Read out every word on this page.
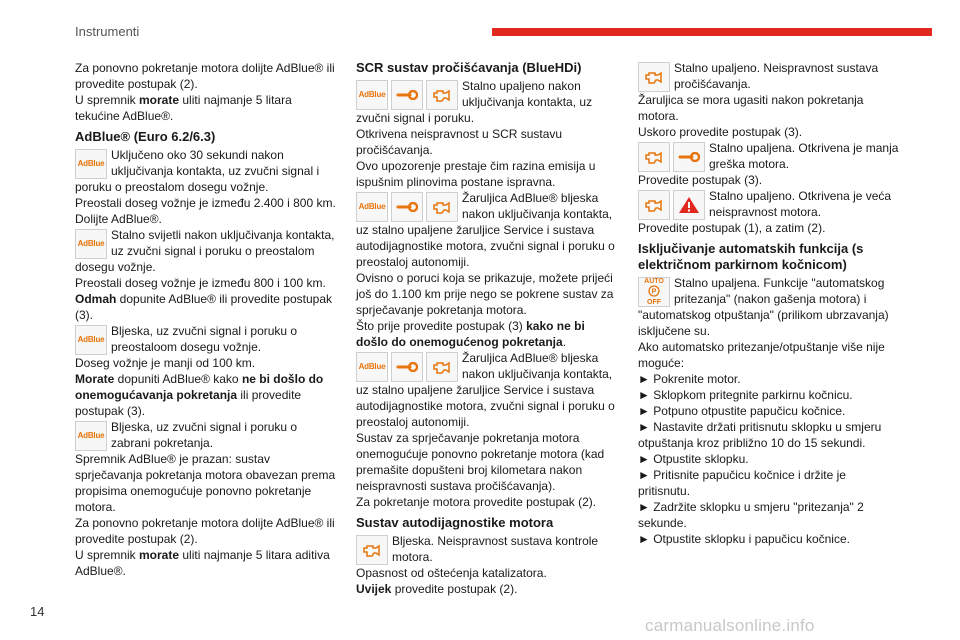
Instrumenti

Za ponovno pokretanje motora dolijte AdBlue® ili provedite postupak (2).

U spremnik morate uliti najmanje 5 litara tekućine AdBlue®.

AdBlue® (Euro 6.2/6.3)
AdBlue
Uključeno oko 30 sekundi nakon uključivanja kontakta, uz zvučni signal i poruku o preostalom dosegu vožnje.

Preostali doseg vožnje je između 2.400 i 800 km.

Dolijte AdBlue®.

AdBlue
Stalno svijetli nakon uključivanja kontakta, uz zvučni signal i poruku o preostalom dosegu vožnje.

Preostali doseg vožnje je između 800 i 100 km.

Odmah dopunite AdBlue® ili provedite postupak (3).

AdBlue
Bljeska, uz zvučni signal i poruku o preostaloom dosegu vožnje.

Doseg vožnje je manji od 100 km.

Morate dopuniti AdBlue® kako ne bi došlo do onemogućavanja pokretanja ili provedite postupak (3).

AdBlue
Bljeska, uz zvučni signal i poruku o zabrani pokretanja.

Spremnik AdBlue® je prazan: sustav sprječavanja pokretanja motora obavezan prema propisima onemogućuje ponovno pokretanje motora.

Za ponovno pokretanje motora dolijte AdBlue® ili provedite postupak (2).

U spremnik morate uliti najmanje 5 litara aditiva AdBlue®.

SCR sustav pročišćavanja (BlueHDi)
AdBlue
Stalno upaljeno nakon uključivanja kontakta, uz zvučni signal i poruku.

Otkrivena neispravnost u SCR sustavu pročišćavanja.

Ovo upozorenje prestaje čim razina emisija u ispušnim plinovima postane ispravna.

AdBlue
Žaruljica AdBlue® bljeska nakon uključivanja kontakta, uz stalno upaljene žaruljice Service i sustava autodijagnostike motora, zvučni signal i poruku o preostaloj autonomiji.

Ovisno o poruci koja se prikazuje, možete prijeći još do 1.100 km prije nego se pokrene sustav za sprječavanje pokretanja motora.

Što prije provedite postupak (3) kako ne bi došlo do onemogućenog pokretanja.

AdBlue
Žaruljica AdBlue® bljeska nakon uključivanja kontakta, uz stalno upaljene žaruljice Service i sustava autodijagnostike motora, zvučni signal i poruku o preostaloj autonomiji.

Sustav za sprječavanje pokretanja motora onemogućuje ponovno pokretanje motora (kad premašite dopušteni broj kilometara nakon neispravnosti sustava pročišćavanja).

Za pokretanje motora provedite postupak (2).

Sustav autodijagnostike motora
Bljeska. Neispravnost sustava kontrole motora.

Opasnost od oštećenja katalizatora.

Uvijek provedite postupak (2).

Stalno upaljeno. Neispravnost sustava pročišćavanja.

Žaruljica se mora ugasiti nakon pokretanja motora.

Uskoro provedite postupak (3).

Stalno upaljena. Otkrivena je manja greška motora.

Provedite postupak (3).

Stalno upaljeno. Otkrivena je veća neispravnost motora.

Provedite postupak (1), a zatim (2).

Isključivanje automatskih funkcija (s električnom parkirnom kočnicom)
AUTO
P
OFF
Stalno upaljena. Funkcije "automatskog pritezanja" (nakon gašenja motora) i "automatskog otpuštanja" (prilikom ubrzavanja) isključene su.

Ako automatsko pritezanje/otpuštanje više nije moguće:

► Pokrenite motor.

► Sklopkom pritegnite parkirnu kočnicu.

► Potpuno otpustite papučicu kočnice.

► Nastavite držati pritisnutu sklopku u smjeru otpuštanja kroz približno 10 do 15 sekundi.

► Otpustite sklopku.

► Pritisnite papučicu kočnice i držite je pritisnutu.

► Zadržite sklopku u smjeru "pritezanja" 2 sekunde.

► Otpustite sklopku i papučicu kočnice.

14
carmanualsonline.info
